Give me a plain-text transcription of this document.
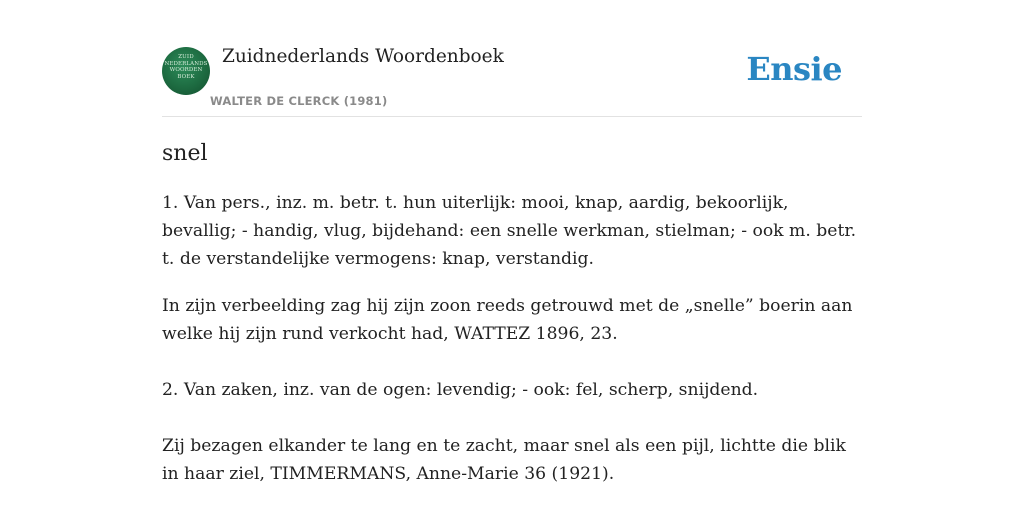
ZUID
NEDERLANDS
WOORDEN
BOEK
Zuidnederlands Woordenboek
WALTER DE CLERCK (1981)
Ensie
snel

1. Van pers., inz. m. betr. t. hun uiterlijk: mooi, knap, aardig, bekoorlijk, bevallig; - handig, vlug, bijdehand: een snelle werkman, stielman; - ook m. betr. t. de verstandelijke vermogens: knap, verstandig.

In zijn verbeelding zag hij zijn zoon reeds getrouwd met de „snelle” boerin aan welke hij zijn rund verkocht had, WATTEZ 1896, 23.

2. Van zaken, inz. van de ogen: levendig; - ook: fel, scherp, snijdend.

Zij bezagen elkander te lang en te zacht, maar snel als een pijl, lichtte die blik in haar ziel, TIMMERMANS, Anne-Marie 36 (1921).
